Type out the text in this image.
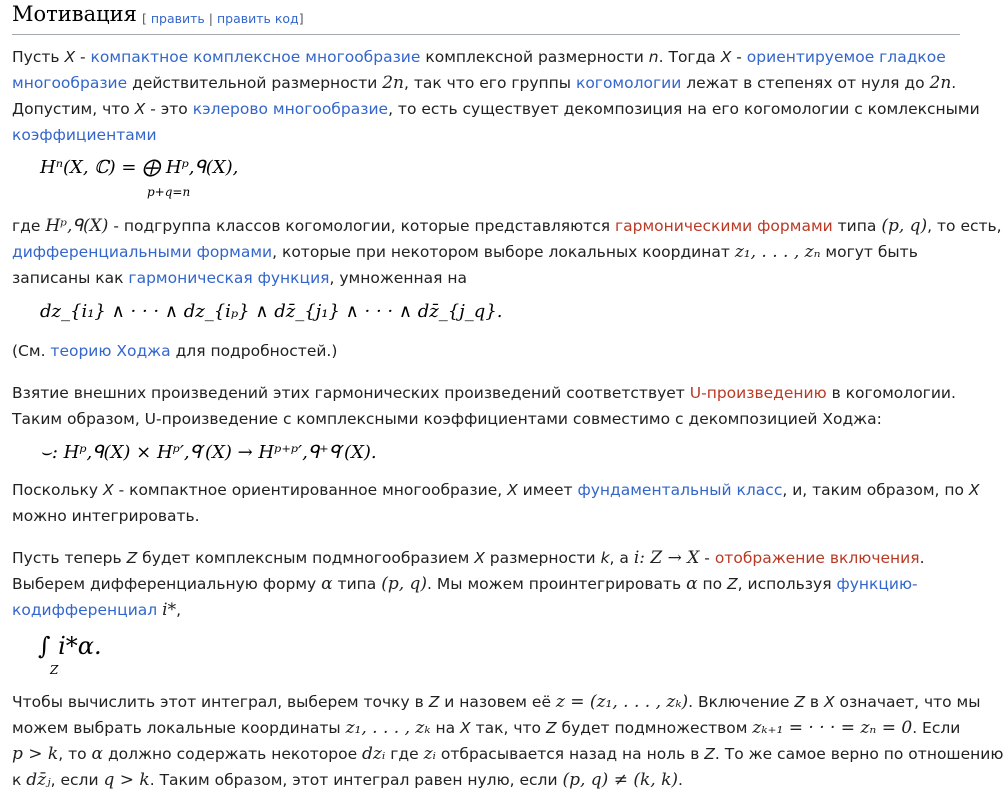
Мотивация [ править | править код]
Пусть X - компактное комплексное многообразие комплексной размерности n. Тогда X - ориентируемое гладкое
многообразие действительной размерности 2n, так что его группы когомологии лежат в степенях от нуля до 2n.
Допустим, что X - это кэлерово многообразие, то есть существует декомпозиция на его когомологии с комлексными
коэффициентами
Hⁿ(X, ℂ) = ⨁ Hᵖ,ᑫ(X),
p+q=n
где Hᵖ,ᑫ(X) - подгруппа классов когомологии, которые представляются гармоническими формами типа (p, q), то есть,
дифференциальными формами, которые при некотором выборе локальных координат z₁, . . . , zₙ могут быть
записаны как гармоническая функция, умноженная на
dz_{i₁} ∧ · · · ∧ dz_{iₚ} ∧ dz̄_{j₁} ∧ · · · ∧ dz̄_{j_q}.
(См. теорию Ходжа для подробностей.)
Взятие внешних произведений этих гармонических произведений соответствует U-произведению в когомологии.
Таким образом, U-произведение с комплексными коэффициентами совместимо с декомпозицией Ходжа:
⌣: Hᵖ,ᑫ(X) × Hᵖ′,ᑫ′(X) → Hᵖ⁺ᵖ′,ᑫ⁺ᑫ′(X).
Поскольку X - компактное ориентированное многообразие, X имеет фундаментальный класс, и, таким образом, по X
можно интегрировать.
Пусть теперь Z будет комплексным подмногообразием X размерности k, а i: Z → X - отображение включения.
Выберем дифференциальную форму α типа (p, q). Мы можем проинтегрировать α по Z, используя функцию-
кодифференциал i*,
∫ i*α.
Z
Чтобы вычислить этот интеграл, выберем точку в Z и назовем её z = (z₁, . . . , zₖ). Включение Z в X означает, что мы
можем выбрать локальные координаты z₁, . . . , zₖ на X так, что Z будет подмножеством zₖ₊₁ = · · · = zₙ = 0. Если
p > k, то α должно содержать некоторое dzᵢ где zᵢ отбрасывается назад на ноль в Z. То же самое верно по отношению
к dz̄ⱼ, если q > k. Таким образом, этот интеграл равен нулю, если (p, q) ≠ (k, k).
